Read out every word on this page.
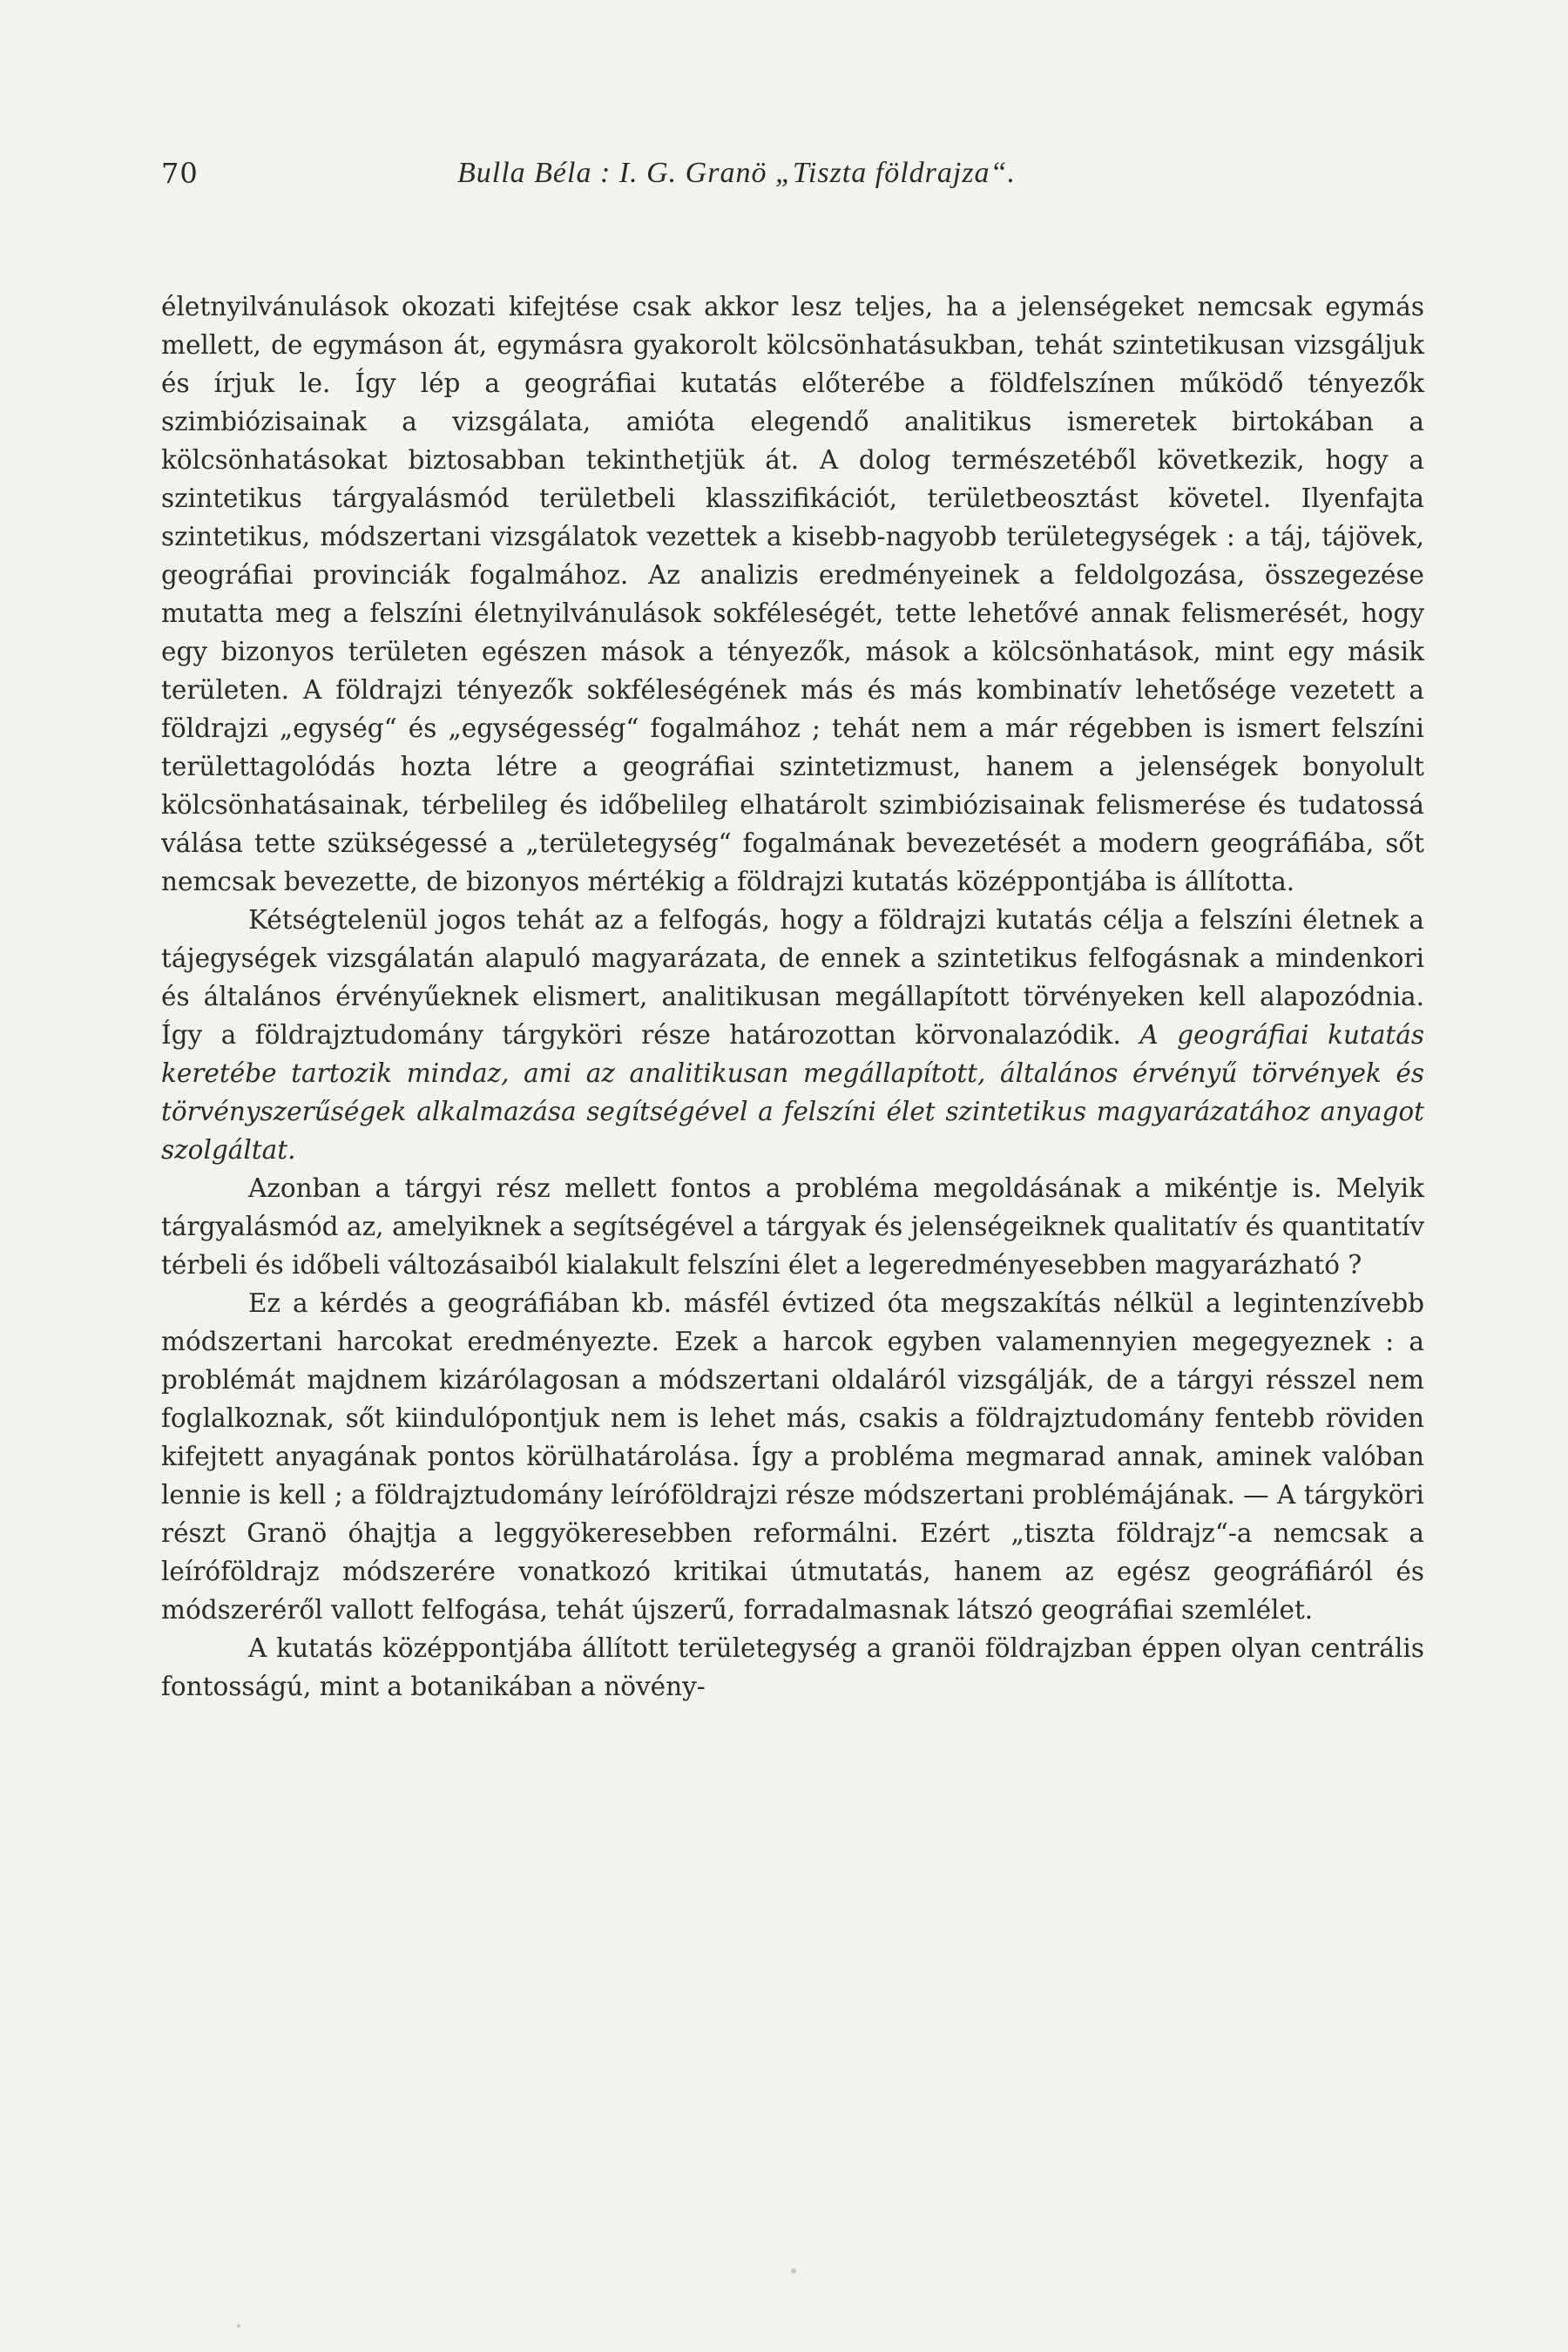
70	Bulla Béla : I. G. Granö „Tiszta földrajza“.

életnyilvánulások okozati kifejtése csak akkor lesz teljes, ha a jelenségeket nemcsak egymás mellett, de egymáson át, egymásra gyakorolt kölcsönhatásukban, tehát szintetikusan vizsgáljuk és írjuk le. Így lép a geográfiai kutatás előterébe a földfelszínen működő tényezők szimbiózisainak a vizsgálata, amióta elegendő analitikus ismeretek birtokában a kölcsönhatásokat biztosabban tekinthetjük át. A dolog természetéből következik, hogy a szintetikus tárgyalásmód területbeli klasszifikációt, területbeosztást követel. Ilyenfajta szintetikus, módszertani vizsgálatok vezettek a kisebb-nagyobb területegységek : a táj, tájövek, geográfiai provinciák fogalmához. Az analizis eredményeinek a feldolgozása, összegezése mutatta meg a felszíni életnyilvánulások sokféleségét, tette lehetővé annak felismerését, hogy egy bizonyos területen egészen mások a tényezők, mások a kölcsönhatások, mint egy másik területen. A földrajzi tényezők sokféleségének más és más kombinatív lehetősége vezetett a földrajzi „egység“ és „egységesség“ fogalmához ; tehát nem a már régebben is ismert felszíni területtagolódás hozta létre a geográfiai szintetizmust, hanem a jelenségek bonyolult kölcsönhatásainak, térbelileg és időbelileg elhatárolt szimbiózisainak felismerése és tudatossá válása tette szükségessé a „területegység“ fogalmának bevezetését a modern geográfiába, sőt nemcsak bevezette, de bizonyos mértékig a földrajzi kutatás középpontjába is állította.

Kétségtelenül jogos tehát az a felfogás, hogy a földrajzi kutatás célja a felszíni életnek a tájegységek vizsgálatán alapuló magyarázata, de ennek a szintetikus felfogásnak a mindenkori és általános érvényűeknek elismert, analitikusan megállapított törvényeken kell alapozódnia. Így a földrajztudomány tárgyköri része határozottan körvonalazódik. A geográfiai kutatás keretébe tartozik mindaz, ami az analitikusan megállapított, általános érvényű törvények és törvényszerűségek alkalmazása segítségével a felszíni élet szintetikus magyarázatához anyagot szolgáltat.

Azonban a tárgyi rész mellett fontos a probléma megoldásának a mikéntje is. Melyik tárgyalásmód az, amelyiknek a segítségével a tárgyak és jelenségeiknek qualitatív és quantitatív térbeli és időbeli változásaiból kialakult felszíni élet a legeredményesebben magyarázható ?

Ez a kérdés a geográfiában kb. másfél évtized óta megszakítás nélkül a legintenzívebb módszertani harcokat eredményezte. Ezek a harcok egyben valamennyien megegyeznek : a problémát majdnem kizárólagosan a módszertani oldaláról vizsgálják, de a tárgyi résszel nem foglalkoznak, sőt kiindulópontjuk nem is lehet más, csakis a földrajztudomány fentebb röviden kifejtett anyagának pontos körülhatárolása. Így a probléma megmarad annak, aminek valóban lennie is kell ; a földrajztudomány leíróföldrajzi része módszertani problémájának. — A tárgyköri részt Granö óhajtja a leggyökeresebben reformálni. Ezért „tiszta földrajz“-a nemcsak a leíróföldrajz módszerére vonatkozó kritikai útmutatás, hanem az egész geográfiáról és módszeréről vallott felfogása, tehát újszerű, forradalmasnak látszó geográfiai szemlélet.

A kutatás középpontjába állított területegység a granöi földrajzban éppen olyan centrális fontosságú, mint a botanikában a növény-
